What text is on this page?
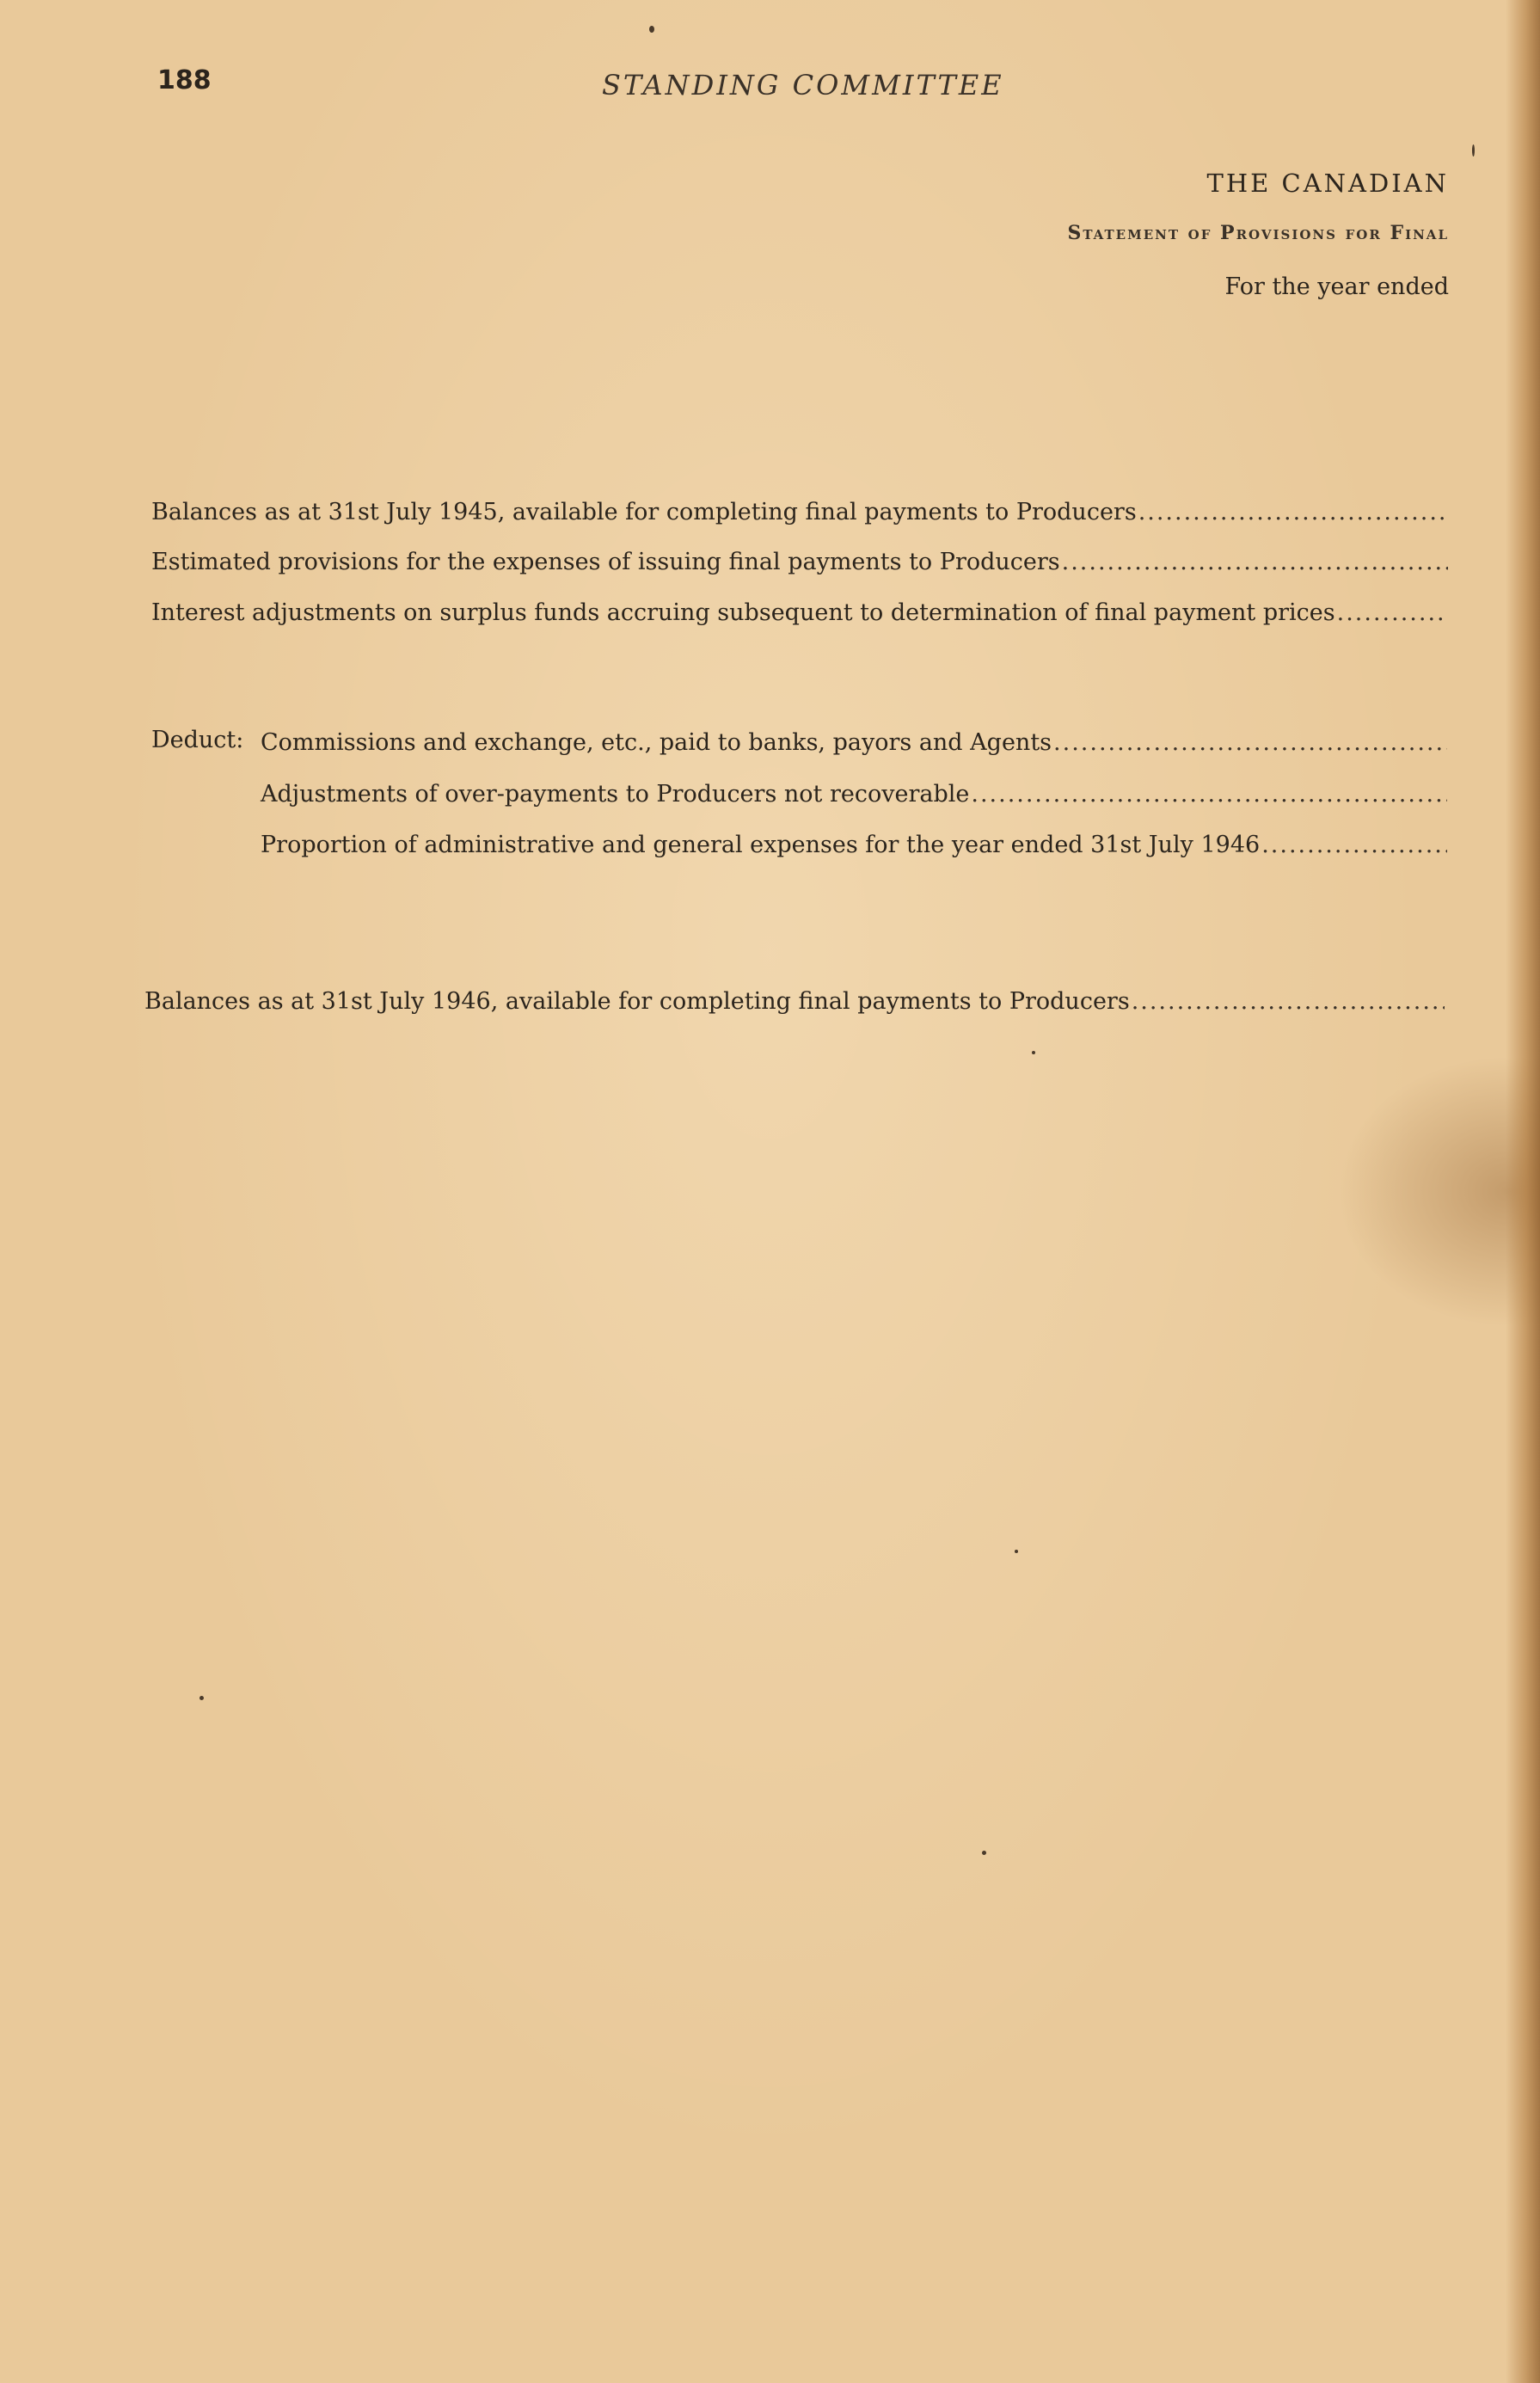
188	STANDING COMMITTEE
THE CANADIAN
Statement of Provisions for Final
For the year ended
Balances as at 31st July 1945, available for completing final payments to Producers
.....
Estimated provisions for the expenses of issuing final payments to Producers
.....
Interest adjustments on surplus funds accruing subsequent to determination of final payment prices
.....
Deduct: Commissions and exchange, etc., paid to banks, payors and Agents
.....
Adjustments of over-payments to Producers not recoverable
.....
Proportion of administrative and general expenses for the year ended 31st July 1946
.....
Balances as at 31st July 1946, available for completing final payments to Producers
.....
